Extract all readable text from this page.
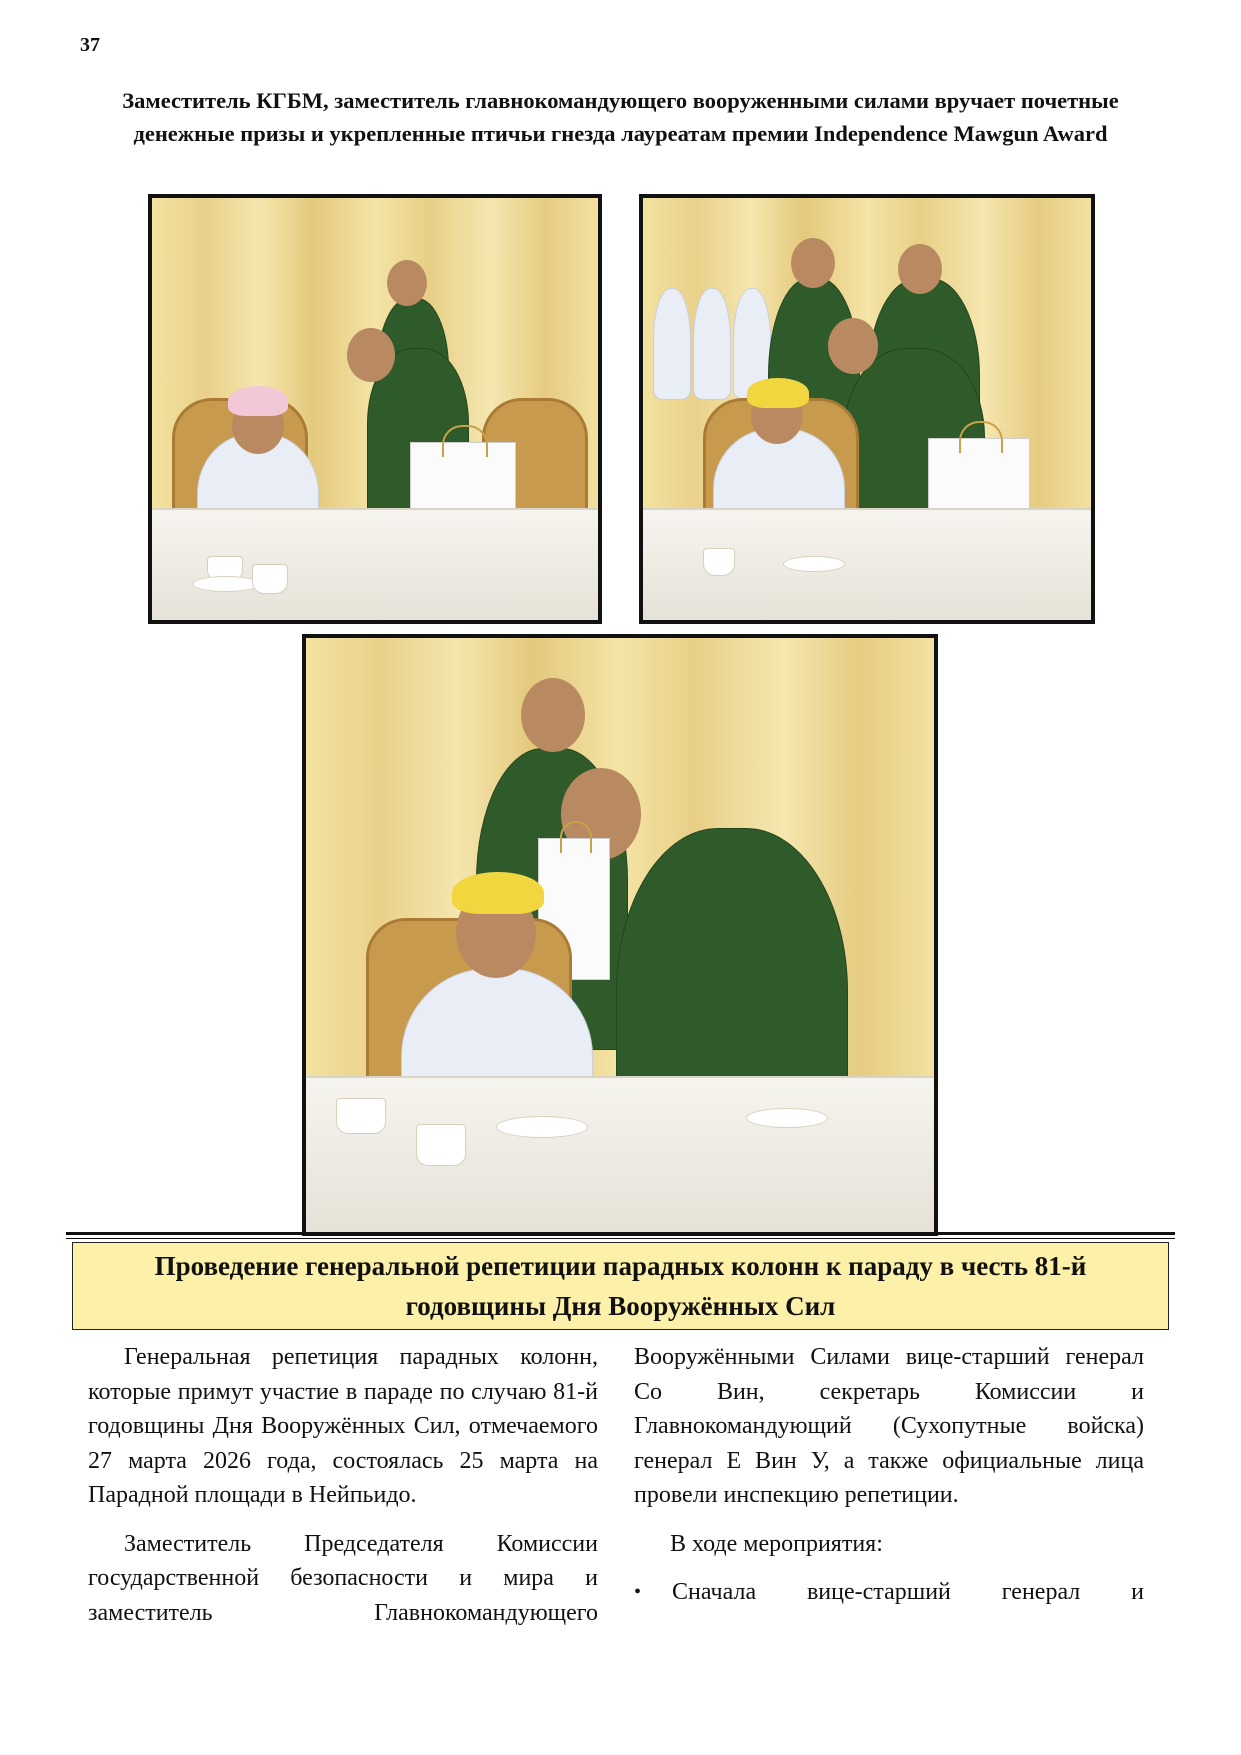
37
Заместитель КГБМ, заместитель главнокомандующего вооруженными силами вручает почетные денежные призы и укрепленные птичьи гнезда лауреатам премии Independence Mawgun Award
Проведение генеральной репетиции парадных колонн к параду в честь 81-й годовщины Дня Вооружённых Сил

Генеральная репетиция парадных колонн, которые примут участие в параде по случаю 81-й годовщины Дня Вооружённых Сил, отмечаемого 27 марта 2026 года, состоялась 25 марта на Парадной площади в Нейпьидо.

Заместитель Председателя Комиссии государственной безопасности и мира и заместитель Главнокомандующего

Вооружёнными Силами вице-старший генерал Со Вин, секретарь Комиссии и Главнокомандующий (Сухопутные войска) генерал Е Вин У, а также официальные лица провели инспекцию репетиции.

В ходе мероприятия:

•	Сначала вице-старший генерал и
